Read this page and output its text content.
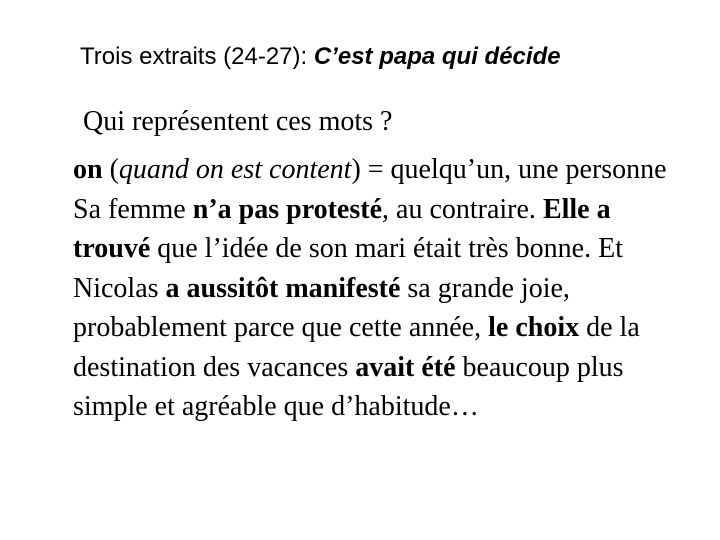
Trois extraits (24-27): C’est papa qui décide
Qui représentent ces mots ?

on (quand on est content) = quelqu’un, une personne

Sa femme n’a pas protesté, au contraire. Elle a trouvé que l’idée de son mari était très bonne. Et Nicolas a aussitôt manifesté sa grande joie, probablement parce que cette année, le choix de la destination des vacances avait été beaucoup plus simple et agréable que d’habitude…
